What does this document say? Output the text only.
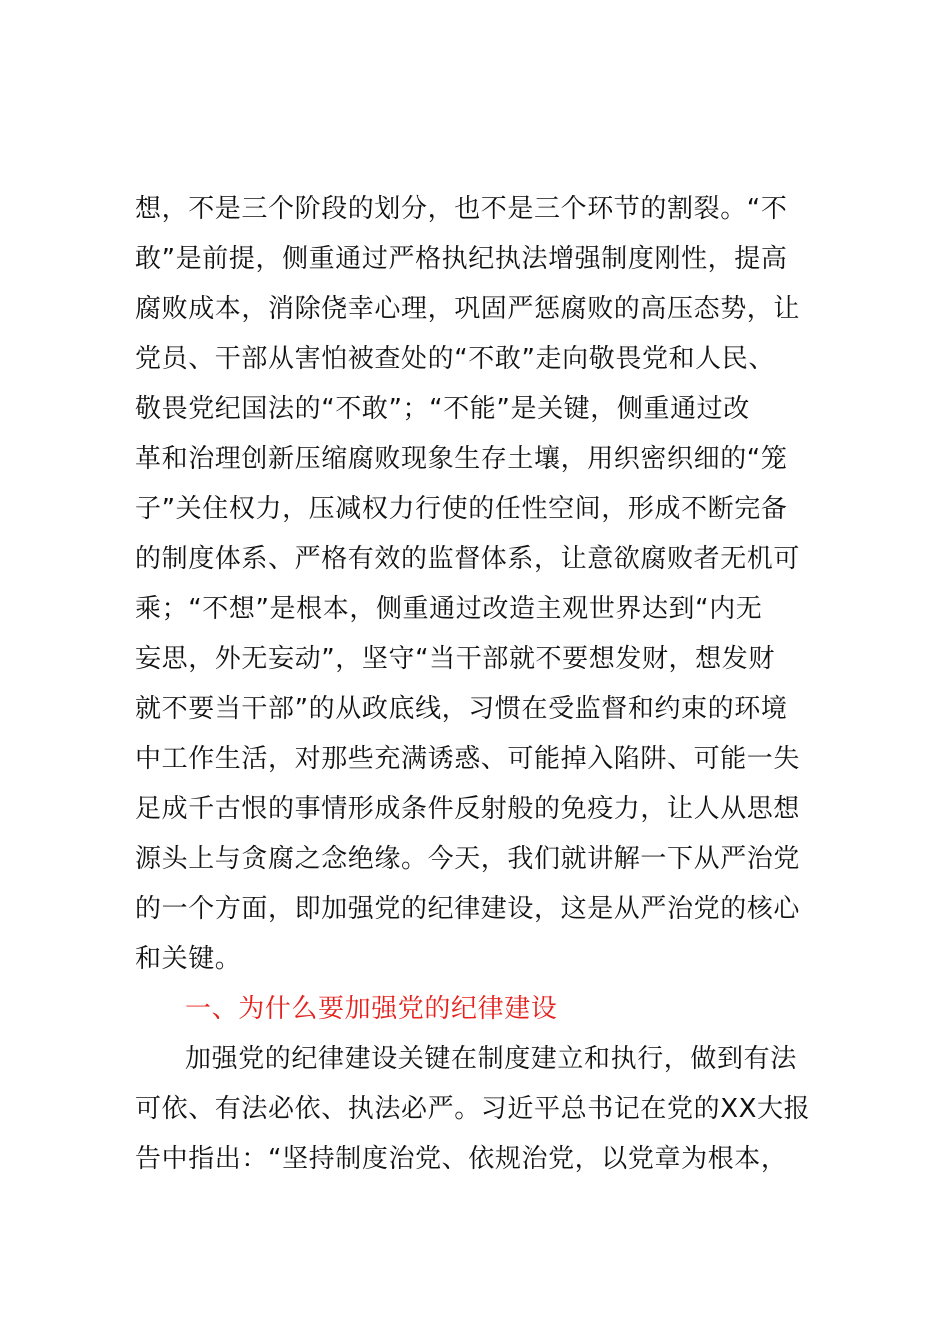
想，不是三个阶段的划分，也不是三个环节的割裂。“不
敢”是前提，侧重通过严格执纪执法增强制度刚性，提高
腐败成本，消除侥幸心理，巩固严惩腐败的高压态势，让
党员、干部从害怕被查处的“不敢”走向敬畏党和人民、
敬畏党纪国法的“不敢”；“不能”是关键，侧重通过改
革和治理创新压缩腐败现象生存土壤，用织密织细的“笼
子”关住权力，压减权力行使的任性空间，形成不断完备
的制度体系、严格有效的监督体系，让意欲腐败者无机可
乘；“不想”是根本，侧重通过改造主观世界达到“内无
妄思，外无妄动”，坚守“当干部就不要想发财，想发财
就不要当干部”的从政底线，习惯在受监督和约束的环境
中工作生活，对那些充满诱惑、可能掉入陷阱、可能一失
足成千古恨的事情形成条件反射般的免疫力，让人从思想
源头上与贪腐之念绝缘。今天，我们就讲解一下从严治党
的一个方面，即加强党的纪律建设，这是从严治党的核心
和关键。
一、为什么要加强党的纪律建设
加强党的纪律建设关键在制度建立和执行，做到有法
可依、有法必依、执法必严。习近平总书记在党的XX大报
告中指出：“坚持制度治党、依规治党，以党章为根本，
